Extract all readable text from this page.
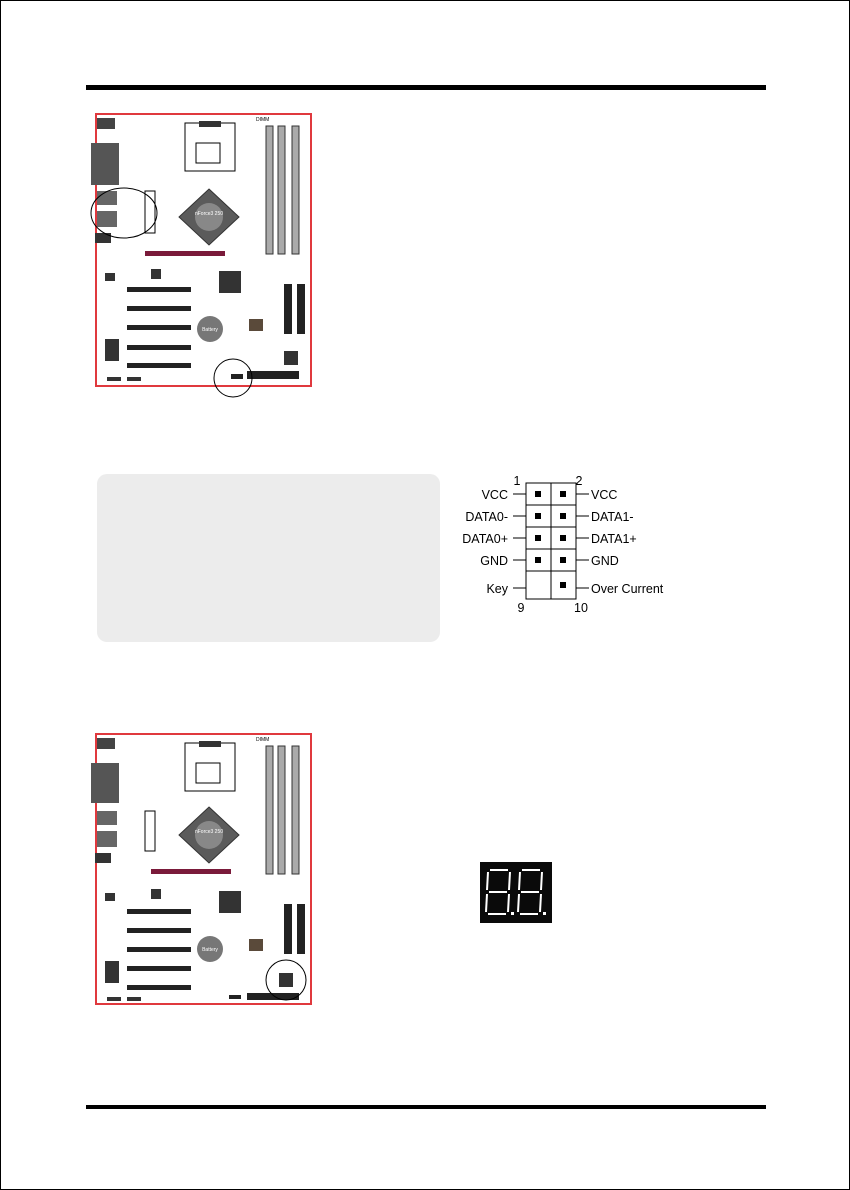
nForce3 250
DIMM
Battery
1	2
9	10
VCC	VCC
DATA0-	DATA1-
DATA0+	DATA1+
GND	GND
Key	Over Current
nForce3 250
DIMM
Battery
